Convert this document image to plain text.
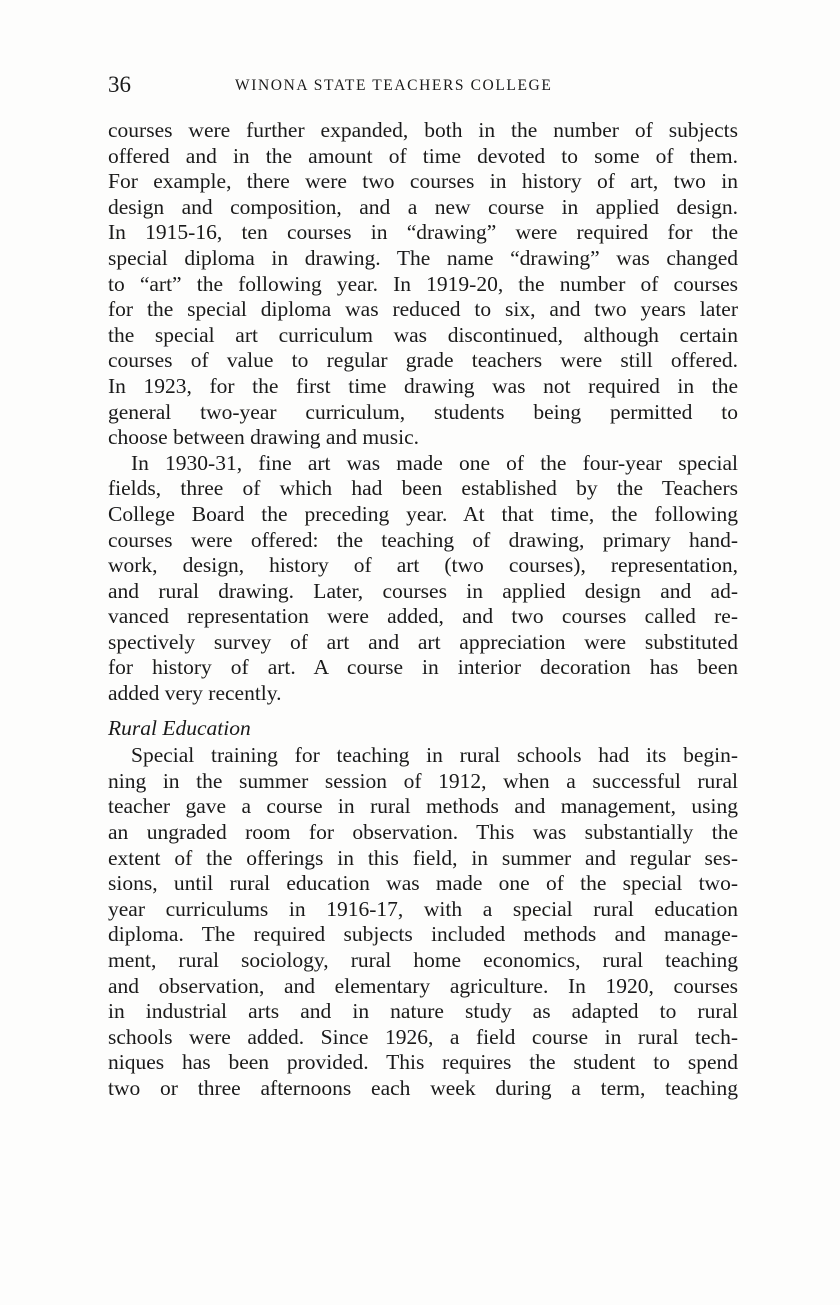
36	WINONA STATE TEACHERS COLLEGE
courses were further expanded, both in the number of subjects
offered and in the amount of time devoted to some of them.
For example, there were two courses in history of art, two in
design and composition, and a new course in applied design.
In 1915-16, ten courses in “drawing” were required for the
special diploma in drawing. The name “drawing” was changed
to “art” the following year. In 1919-20, the number of courses
for the special diploma was reduced to six, and two years later
the special art curriculum was discontinued, although certain
courses of value to regular grade teachers were still offered.
In 1923, for the first time drawing was not required in the
general two-year curriculum, students being permitted to
choose between drawing and music.
In 1930-31, fine art was made one of the four-year special
fields, three of which had been established by the Teachers
College Board the preceding year. At that time, the following
courses were offered: the teaching of drawing, primary hand-
work, design, history of art (two courses), representation,
and rural drawing. Later, courses in applied design and ad-
vanced representation were added, and two courses called re-
spectively survey of art and art appreciation were substituted
for history of art. A course in interior decoration has been
added very recently.
Rural Education
Special training for teaching in rural schools had its begin-
ning in the summer session of 1912, when a successful rural
teacher gave a course in rural methods and management, using
an ungraded room for observation. This was substantially the
extent of the offerings in this field, in summer and regular ses-
sions, until rural education was made one of the special two-
year curriculums in 1916-17, with a special rural education
diploma. The required subjects included methods and manage-
ment, rural sociology, rural home economics, rural teaching
and observation, and elementary agriculture. In 1920, courses
in industrial arts and in nature study as adapted to rural
schools were added. Since 1926, a field course in rural tech-
niques has been provided. This requires the student to spend
two or three afternoons each week during a term, teaching
